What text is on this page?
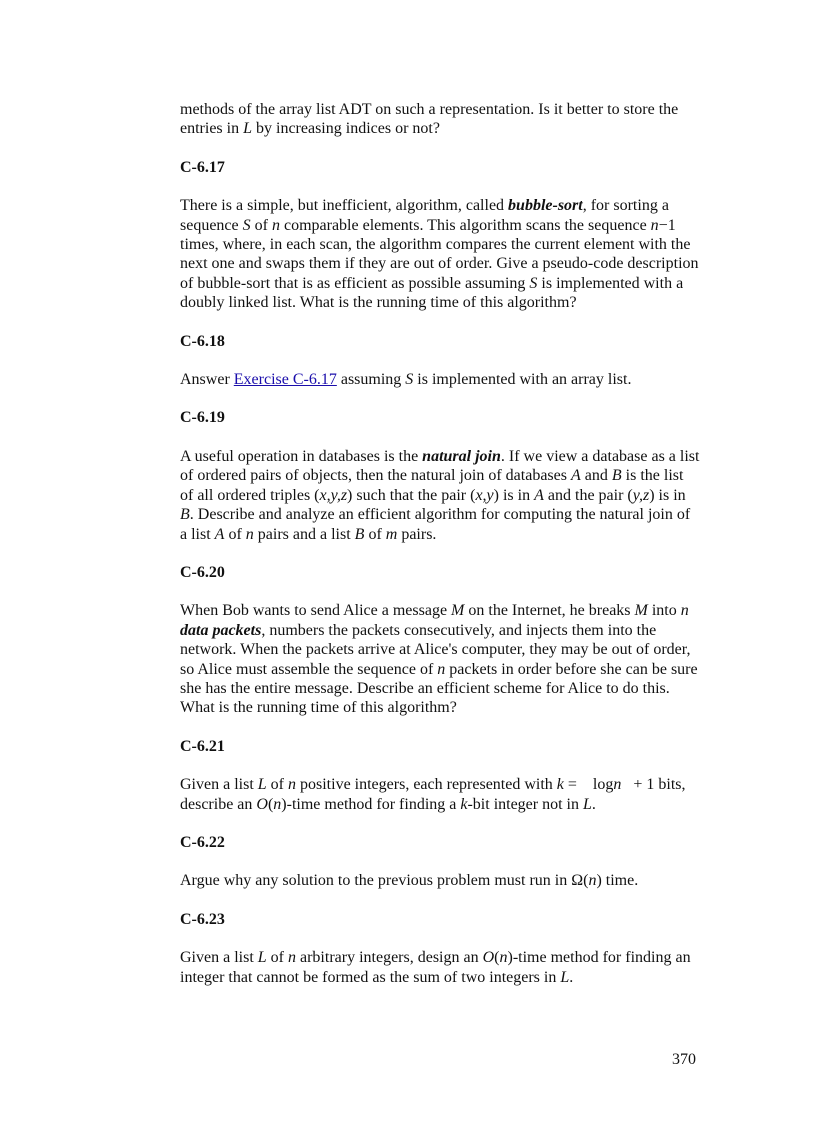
methods of the array list ADT on such a representation. Is it better to store the entries in L by increasing indices or not?

C-6.17

There is a simple, but inefficient, algorithm, called bubble-sort, for sorting a sequence S of n comparable elements. This algorithm scans the sequence n−1 times, where, in each scan, the algorithm compares the current element with the next one and swaps them if they are out of order. Give a pseudo-code description of bubble-sort that is as efficient as possible assuming S is implemented with a doubly linked list. What is the running time of this algorithm?

C-6.18

Answer Exercise C-6.17 assuming S is implemented with an array list.

C-6.19

A useful operation in databases is the natural join. If we view a database as a list of ordered pairs of objects, then the natural join of databases A and B is the list of all ordered triples (x,y,z) such that the pair (x,y) is in A and the pair (y,z) is in B. Describe and analyze an efficient algorithm for computing the natural join of a list A of n pairs and a list B of m pairs.

C-6.20

When Bob wants to send Alice a message M on the Internet, he breaks M into n data packets, numbers the packets consecutively, and injects them into the network. When the packets arrive at Alice's computer, they may be out of order, so Alice must assemble the sequence of n packets in order before she can be sure she has the entire message. Describe an efficient scheme for Alice to do this. What is the running time of this algorithm?

C-6.21

Given a list L of n positive integers, each represented with k =    logn   + 1 bits, describe an O(n)-time method for finding a k-bit integer not in L.

C-6.22

Argue why any solution to the previous problem must run in Ω(n) time.

C-6.23

Given a list L of n arbitrary integers, design an O(n)-time method for finding an integer that cannot be formed as the sum of two integers in L.

370
